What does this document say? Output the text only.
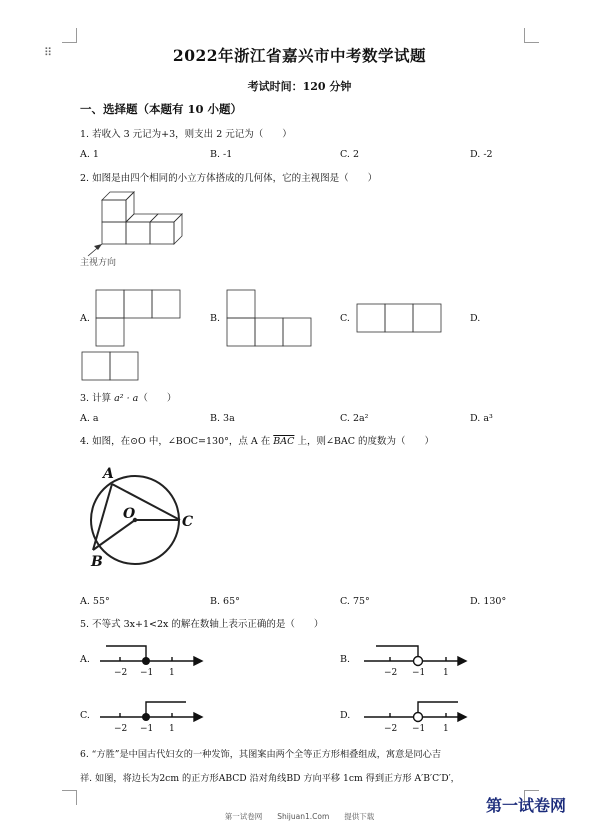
⠿	2022年浙江省嘉兴市中考数学试题
考试时间：120 分钟
一、选择题（本题有 10 小题）
1. 若收入 3 元记为+3，则支出 2 元记为（　　）
A. 1	B. -1	C. 2	D. -2
2. 如图是由四个相同的小立方体搭成的几何体，它的主视图是（　　）
主视方向
A.	B.	C.	D.
3. 计算 a² · a（　　）
A. a	B. 3a	C. 2a²	D. a³
4. 如图，在⊙O 中，∠BOC=130°，点 A 在 $\overline{BAC}$ 上，则∠BAC 的度数为（　　）
A
O
B
C
A. 55°	B. 65°	C. 75°	D. 130°
5. 不等式 3x+1<2x 的解在数轴上表示正确的是（　　）
A.
−2 −1 1
B.
−2 −1 1
C.
−2 −1 1
D.
−2 −1 1
6. “方胜”是中国古代妇女的一种发饰，其图案由两个全等正方形相叠组成，寓意是同心吉
祥. 如图，将边长为2cm 的正方形ABCD 沿对角线BD 方向平移 1cm 得到正方形 A′B′C′D′，
第一试卷网
第一试卷网　　Shijuan1.Com　　提供下载
